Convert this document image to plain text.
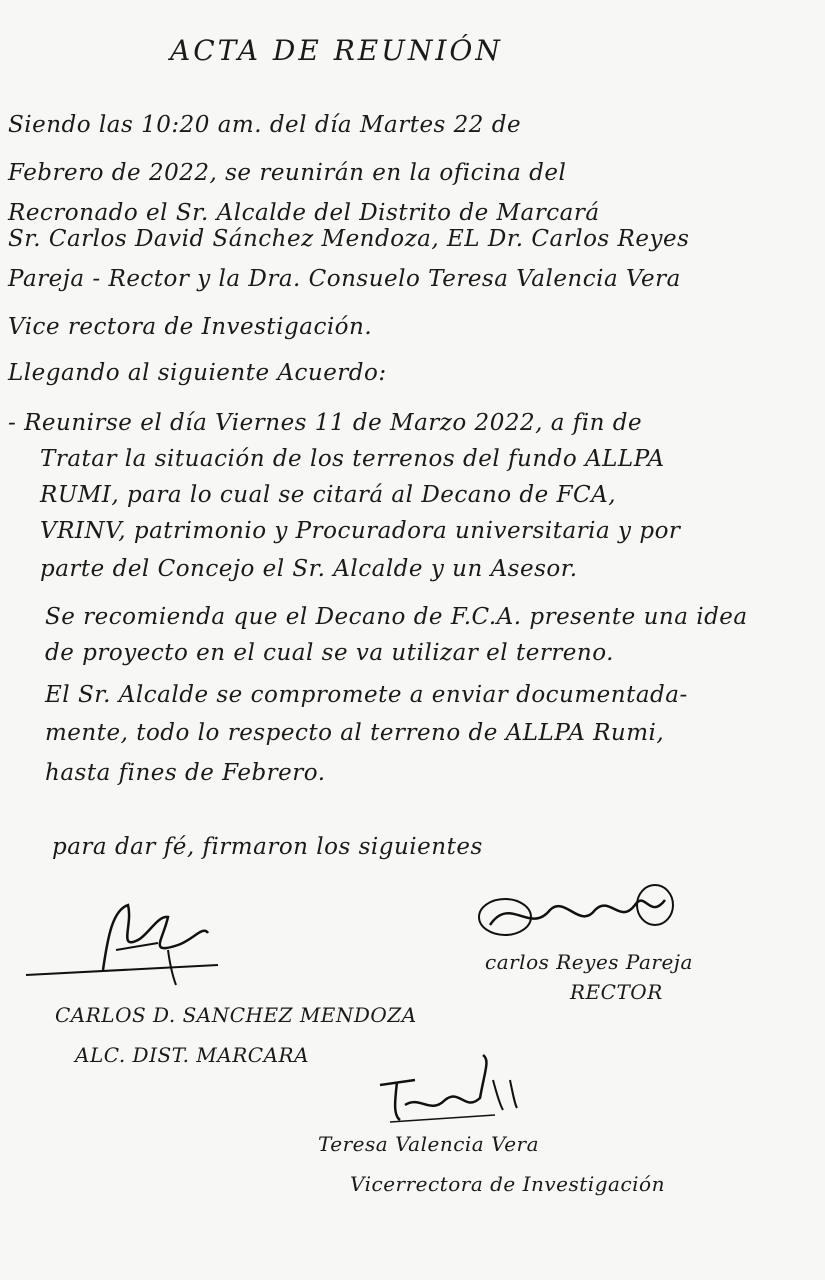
ACTA DE REUNIÓN
Siendo las 10:20 am. del día Martes 22 de
Febrero de 2022, se reunirán en la oficina del
Recronado el Sr. Alcalde del Distrito de Marcará
Sr. Carlos David Sánchez Mendoza, EL Dr. Carlos Reyes
Pareja - Rector y la Dra. Consuelo Teresa Valencia Vera
Vice rectora de Investigación.
Llegando al siguiente Acuerdo:
- Reunirse el día Viernes 11 de Marzo 2022, a fin de
Tratar la situación de los terrenos del fundo ALLPA
RUMI, para lo cual se citará al Decano de FCA,
VRINV, patrimonio y Procuradora universitaria y por
parte del Concejo el Sr. Alcalde y un Asesor.
Se recomienda que el Decano de F.C.A. presente una idea
de proyecto en el cual se va utilizar el terreno.
El Sr. Alcalde se compromete a enviar documentada-
mente, todo lo respecto al terreno de ALLPA Rumi,
hasta fines de Febrero.
para dar fé, firmaron los siguientes
CARLOS D. SANCHEZ MENDOZA
ALC. DIST. MARCARA
carlos Reyes Pareja
RECTOR
Teresa Valencia Vera
Vicerrectora de Investigación
